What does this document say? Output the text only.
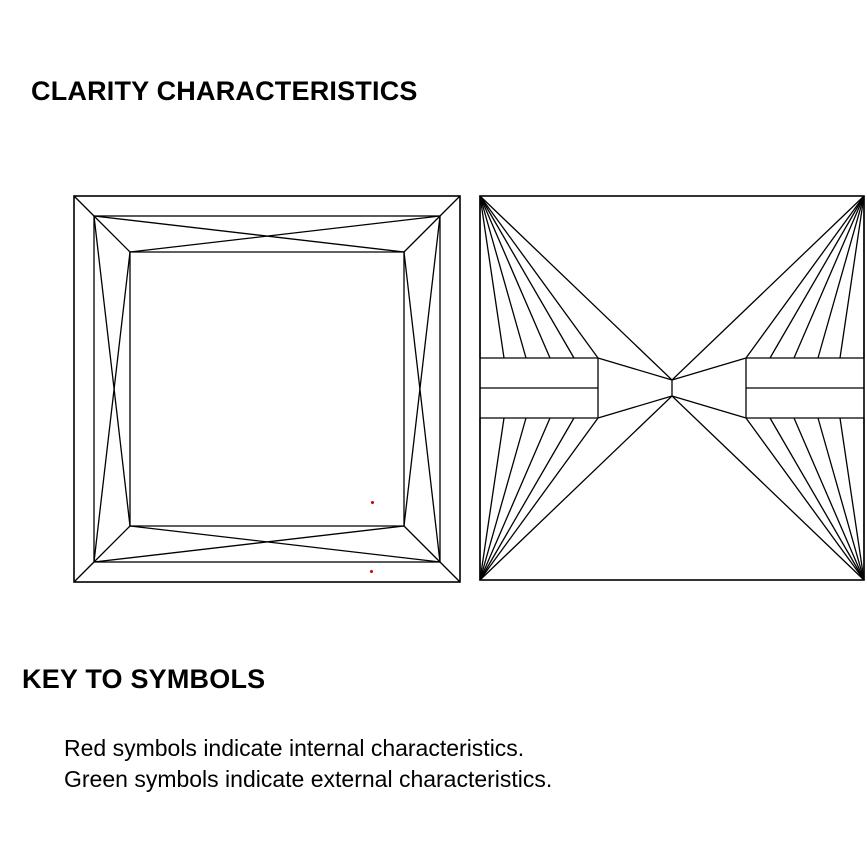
CLARITY CHARACTERISTICS
KEY TO SYMBOLS
Red symbols indicate internal characteristics.
Green symbols indicate external characteristics.
